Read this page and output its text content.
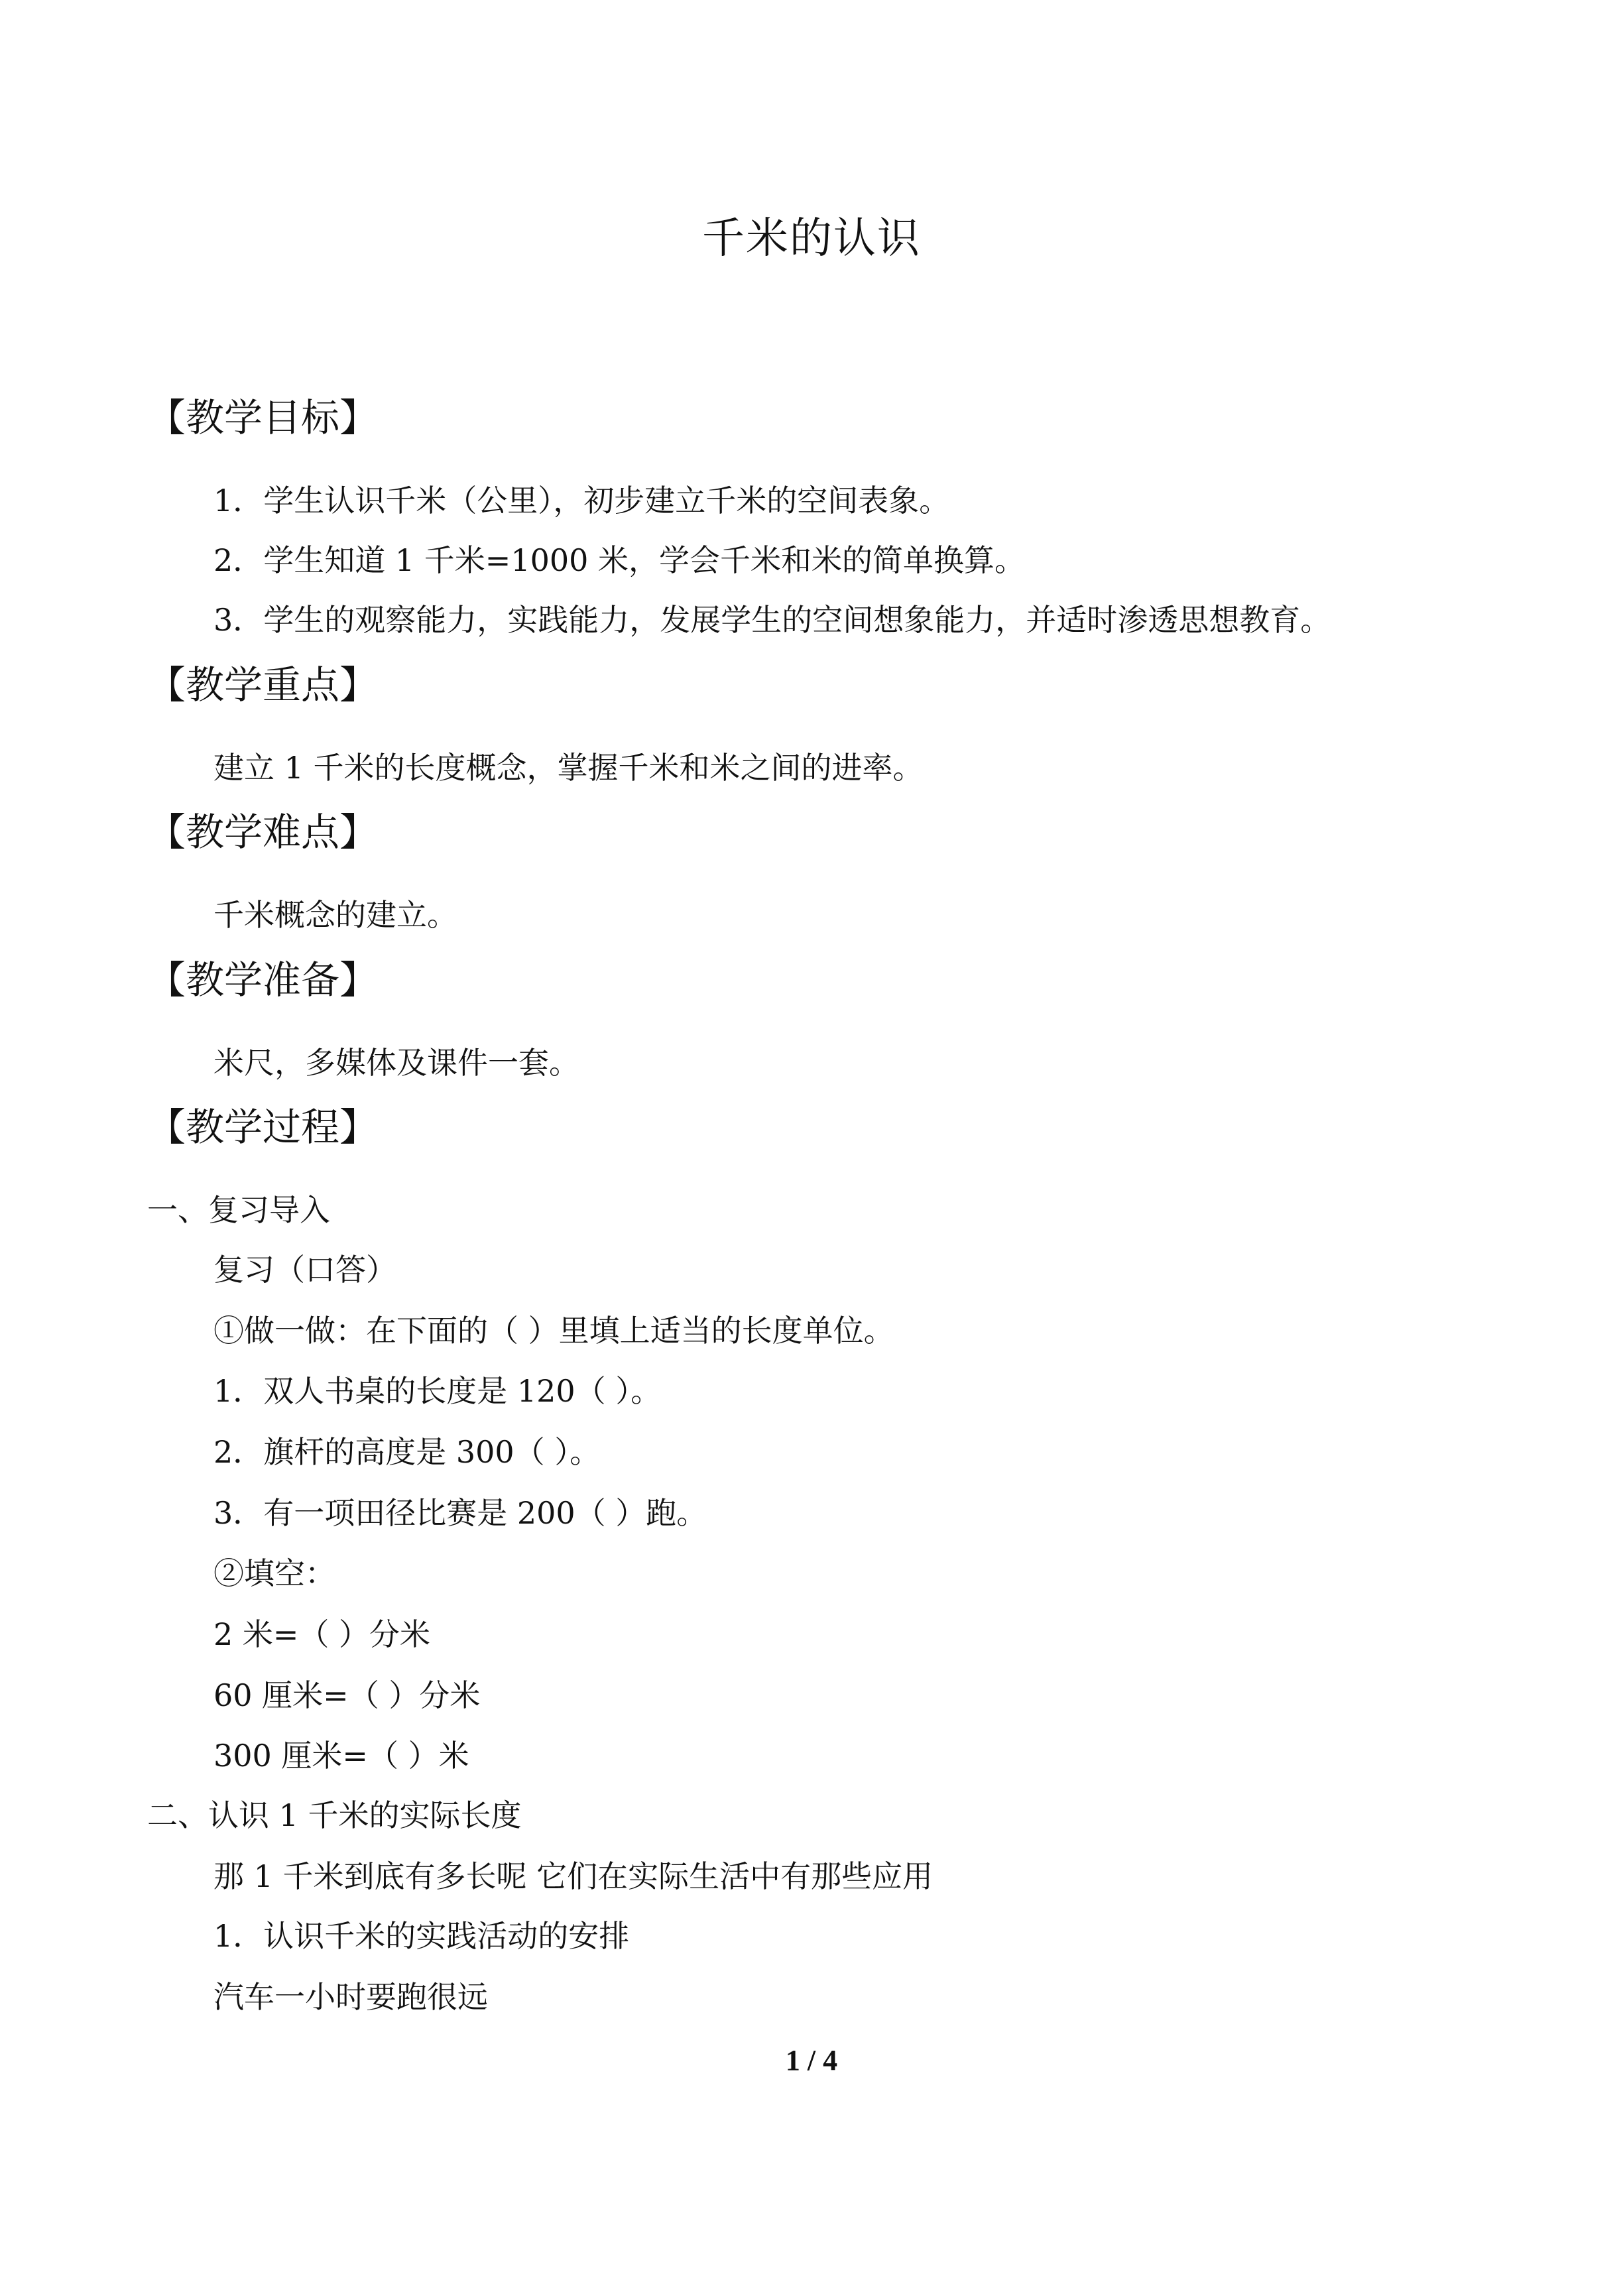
千米的认识
【教学目标】
1．学生认识千米（公里），初步建立千米的空间表象。
2．学生知道 1 千米=1000 米，学会千米和米的简单换算。
3．学生的观察能力，实践能力，发展学生的空间想象能力，并适时渗透思想教育。
【教学重点】
建立 1 千米的长度概念，掌握千米和米之间的进率。
【教学难点】
千米概念的建立。
【教学准备】
米尺，多媒体及课件一套。
【教学过程】
一、复习导入
复习（口答）
①做一做：在下面的（ ）里填上适当的长度单位。
1．双人书桌的长度是 120（ ）。
2．旗杆的高度是 300（ ）。
3．有一项田径比赛是 200（ ）跑。
②填空：
2 米=（ ）分米
60 厘米=（ ）分米
300 厘米=（ ）米
二、认识 1 千米的实际长度
那 1 千米到底有多长呢 它们在实际生活中有那些应用
1．认识千米的实践活动的安排
汽车一小时要跑很远
1 / 4
